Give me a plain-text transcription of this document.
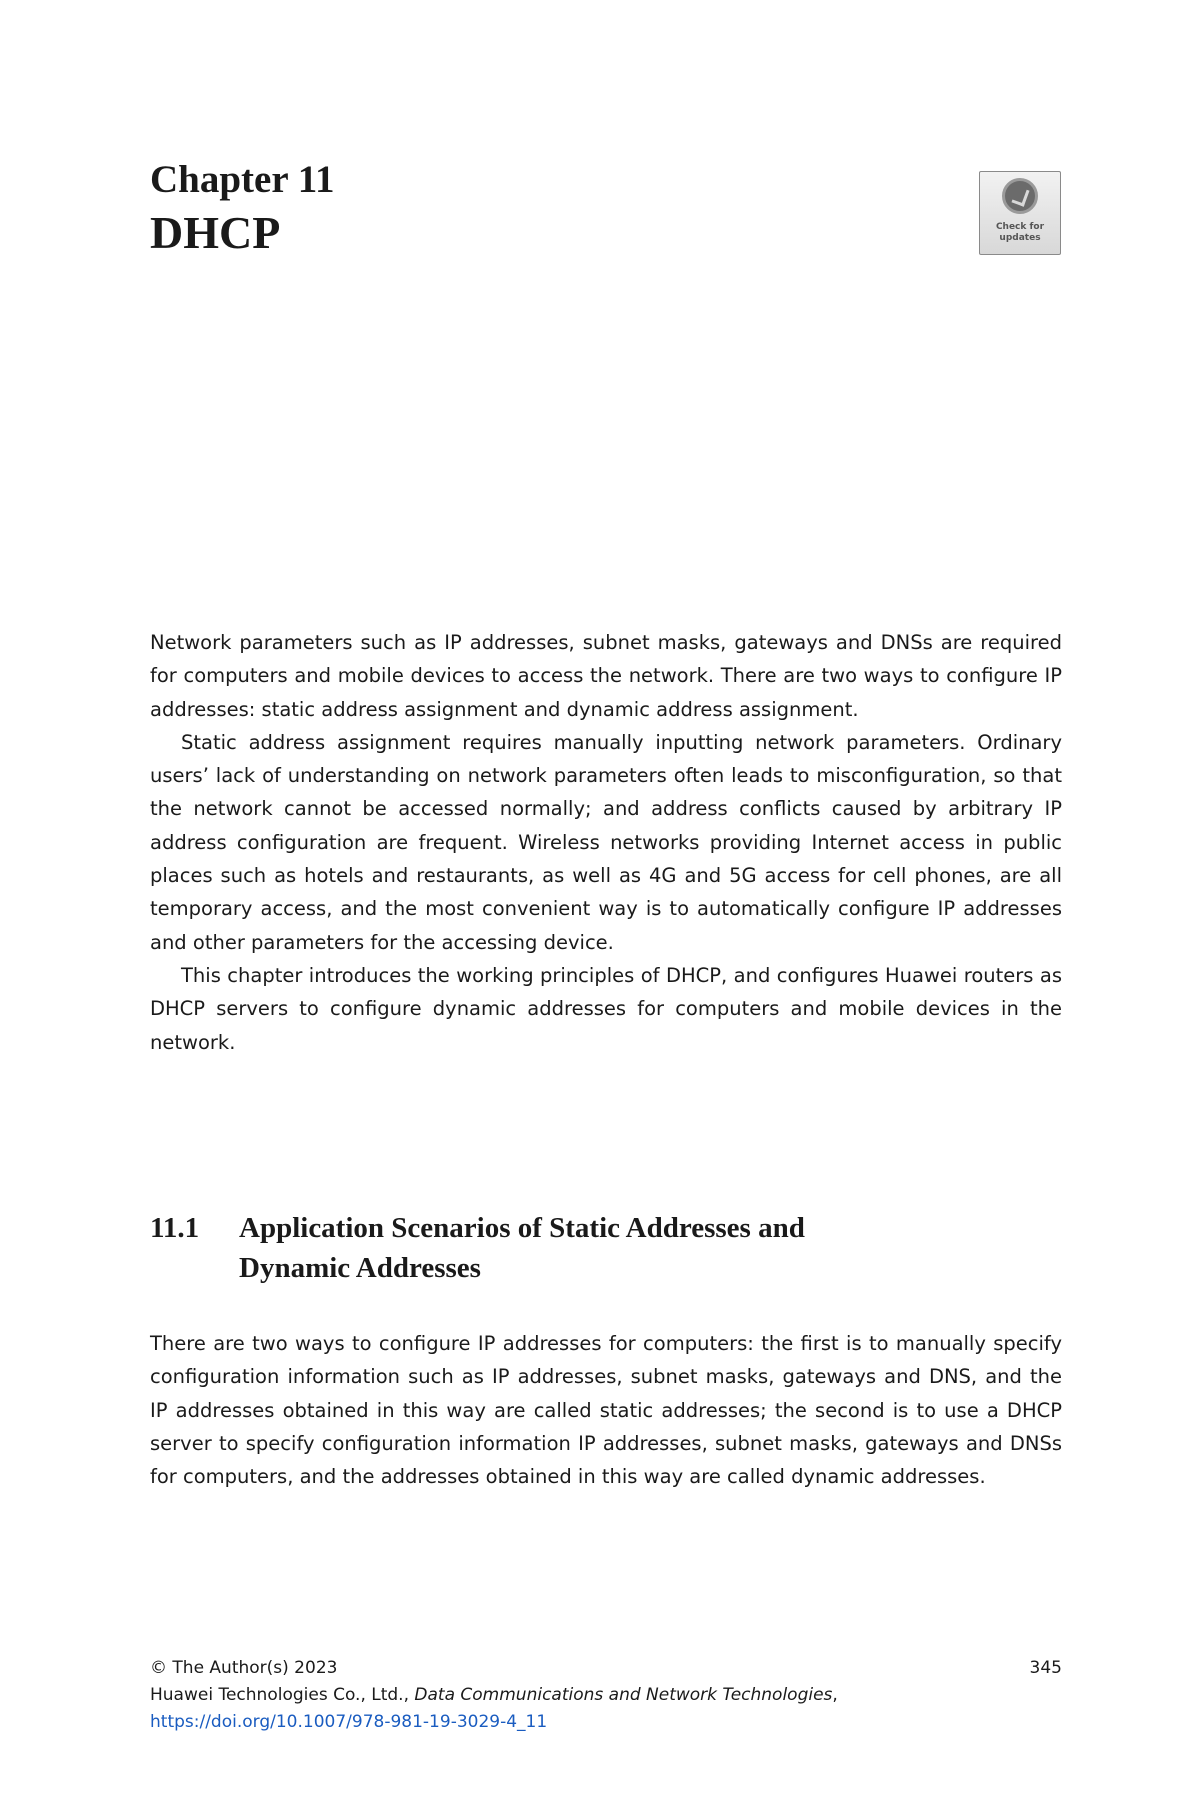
Chapter 11
DHCP	Check for updates

Network parameters such as IP addresses, subnet masks, gateways and DNSs are required for computers and mobile devices to access the network. There are two ways to configure IP addresses: static address assignment and dynamic address assignment.

Static address assignment requires manually inputting network parameters. Ordinary users’ lack of understanding on network parameters often leads to misconfiguration, so that the network cannot be accessed normally; and address conflicts caused by arbitrary IP address configuration are frequent. Wireless networks providing Internet access in public places such as hotels and restaurants, as well as 4G and 5G access for cell phones, are all temporary access, and the most convenient way is to automatically configure IP addresses and other parameters for the accessing device.

This chapter introduces the working principles of DHCP, and configures Huawei routers as DHCP servers to configure dynamic addresses for computers and mobile devices in the network.

11.1 Application Scenarios of Static Addresses and Dynamic Addresses

There are two ways to configure IP addresses for computers: the first is to manually specify configuration information such as IP addresses, subnet masks, gateways and DNS, and the IP addresses obtained in this way are called static addresses; the second is to use a DHCP server to specify configuration information IP addresses, subnet masks, gateways and DNSs for computers, and the addresses obtained in this way are called dynamic addresses.

© The Author(s) 2023
Huawei Technologies Co., Ltd., Data Communications and Network Technologies,
https://doi.org/10.1007/978-981-19-3029-4_11
345
